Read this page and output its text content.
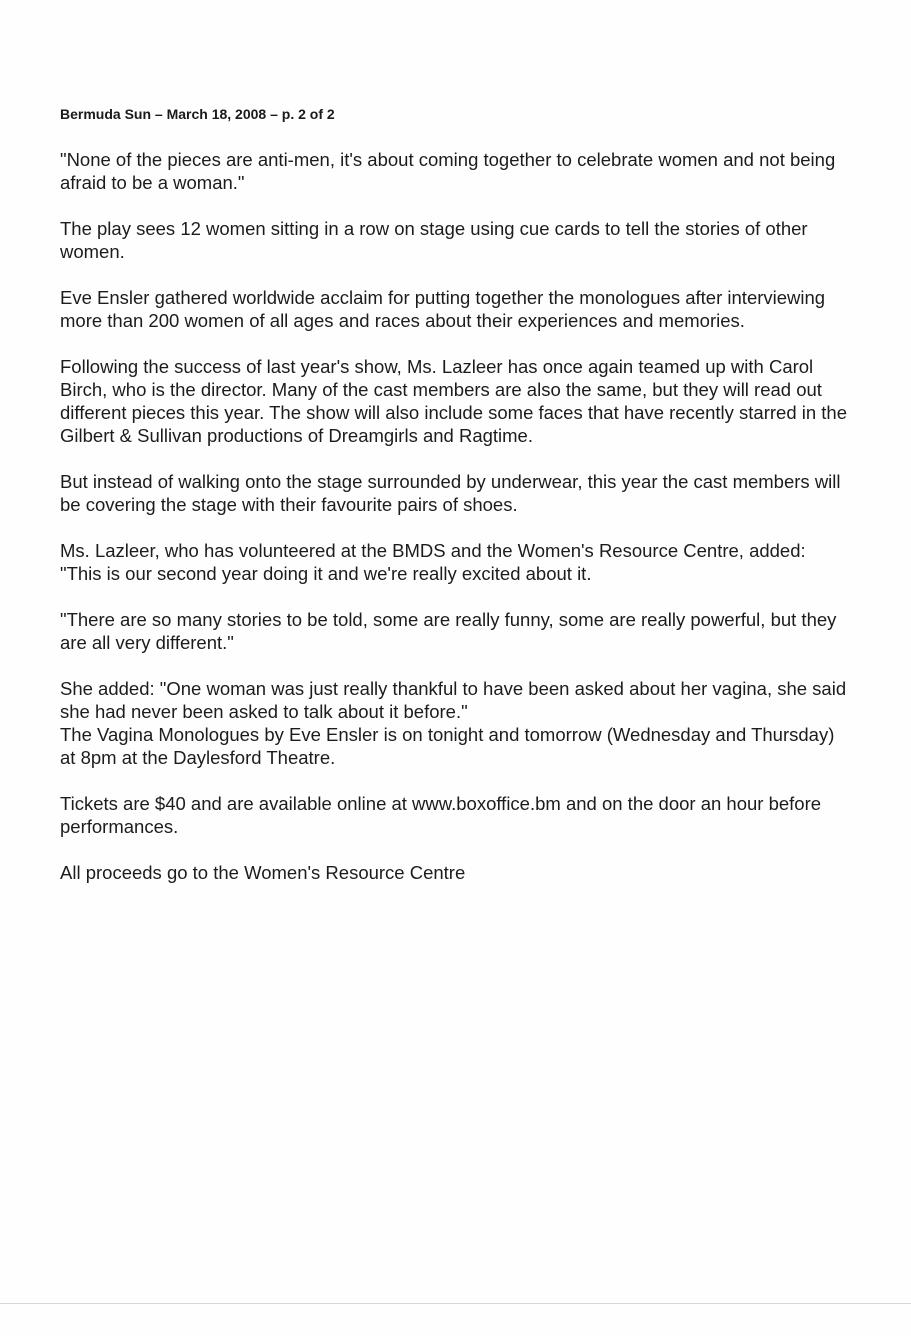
Bermuda Sun – March 18, 2008 – p. 2 of 2

"None of the pieces are anti-men, it's about coming together to celebrate women and not being afraid to be a woman."

The play sees 12 women sitting in a row on stage using cue cards to tell the stories of other women.

Eve Ensler gathered worldwide acclaim for putting together the monologues after interviewing more than 200 women of all ages and races about their experiences and memories.

Following the success of last year's show, Ms. Lazleer has once again teamed up with Carol Birch, who is the director. Many of the cast members are also the same, but they will read out different pieces this year. The show will also include some faces that have recently starred in the Gilbert & Sullivan productions of Dreamgirls and Ragtime.

But instead of walking onto the stage surrounded by underwear, this year the cast members will be covering the stage with their favourite pairs of shoes.

Ms. Lazleer, who has volunteered at the BMDS and the Women's Resource Centre, added: "This is our second year doing it and we're really excited about it.

"There are so many stories to be told, some are really funny, some are really powerful, but they are all very different."

She added: "One woman was just really thankful to have been asked about her vagina, she said she had never been asked to talk about it before."

The Vagina Monologues by Eve Ensler is on tonight and tomorrow (Wednesday and Thursday) at 8pm at the Daylesford Theatre.

Tickets are $40 and are available online at www.boxoffice.bm and on the door an hour before performances.

All proceeds go to the Women's Resource Centre
